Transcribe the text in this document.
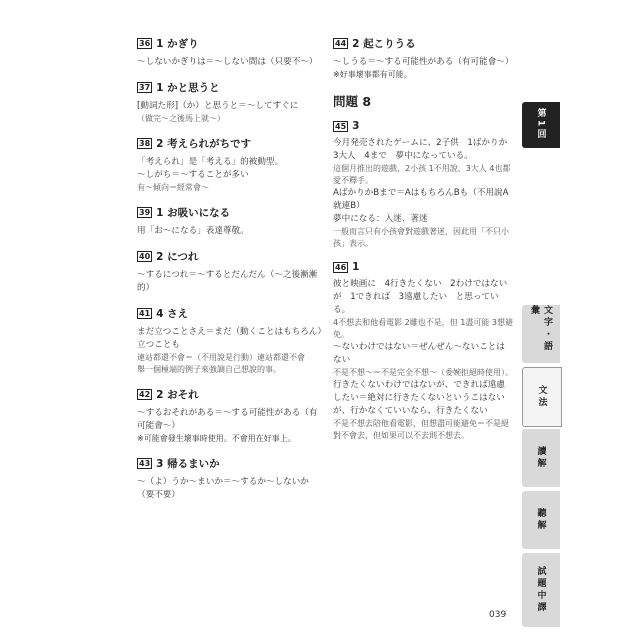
36 1 かぎり
～しないかぎりは＝～しない間は（只要不～）
37 1 かと思うと
[動詞た形]（か）と思うと＝～してすぐに
（做完～之後馬上就～）
38 2 考えられがちです
「考えられ」是「考える」的被動型。
～しがち＝～することが多い
有～傾向＝經常會～
39 1 お吸いになる
用「お～になる」表達尊敬。
40 2 につれ
～するにつれ＝～するとだんだん（～之後漸漸的）
41 4 さえ
まだ立つことさえ＝まだ（動くことはもちろん）立つことも
連站都還不會＝（不用說是行動）連站都還不會
舉一個極端的例子來強調自己想說的事。
42 2 おそれ
～するおそれがある＝～する可能性がある（有可能會～）
※可能會發生壞事時使用。不會用在好事上。
43 3 帰るまいか
～（よ）うか～まいか＝～するか～しないか（要不要）
44 2 起こりうる
～しうる＝～する可能性がある（有可能會～）
※好事壞事都有可能。
問題 8
45 3
今月発売されたゲームに、2子供　1ばかりか　3大人　4まで　夢中になっている。
這個月推出的遊戲，2小孩 1不用說，3大人 4也都愛不釋手。
AばかりかBまで＝AはもちろんBも（不用說A就連B）
夢中になる：入迷、著迷
一般而言只有小孩會對遊戲著迷，因此用「不只小孩」表示。
46 1
彼と映画に　4行きたくない　2わけではないが　1できれば　3遠慮したい　と思っている。
4不想去和他看電影 2雖也不是，但 1盡可能 3想避免。
～ないわけではない＝ぜんぜん～ないことはない
不是不想～＝不是完全不想～（委婉拒絕時使用）。
行きたくないわけではないが、できれば遠慮したい＝絶対に行きたくないというこはないが、行かなくていいなら、行きたくない
不是不想去陪他看電影，但想盡可能避免＝不是絕對不會去，但如果可以不去則不想去。
第1回
文字・語彙
文法
讀解
聽解
試題中譯
039
